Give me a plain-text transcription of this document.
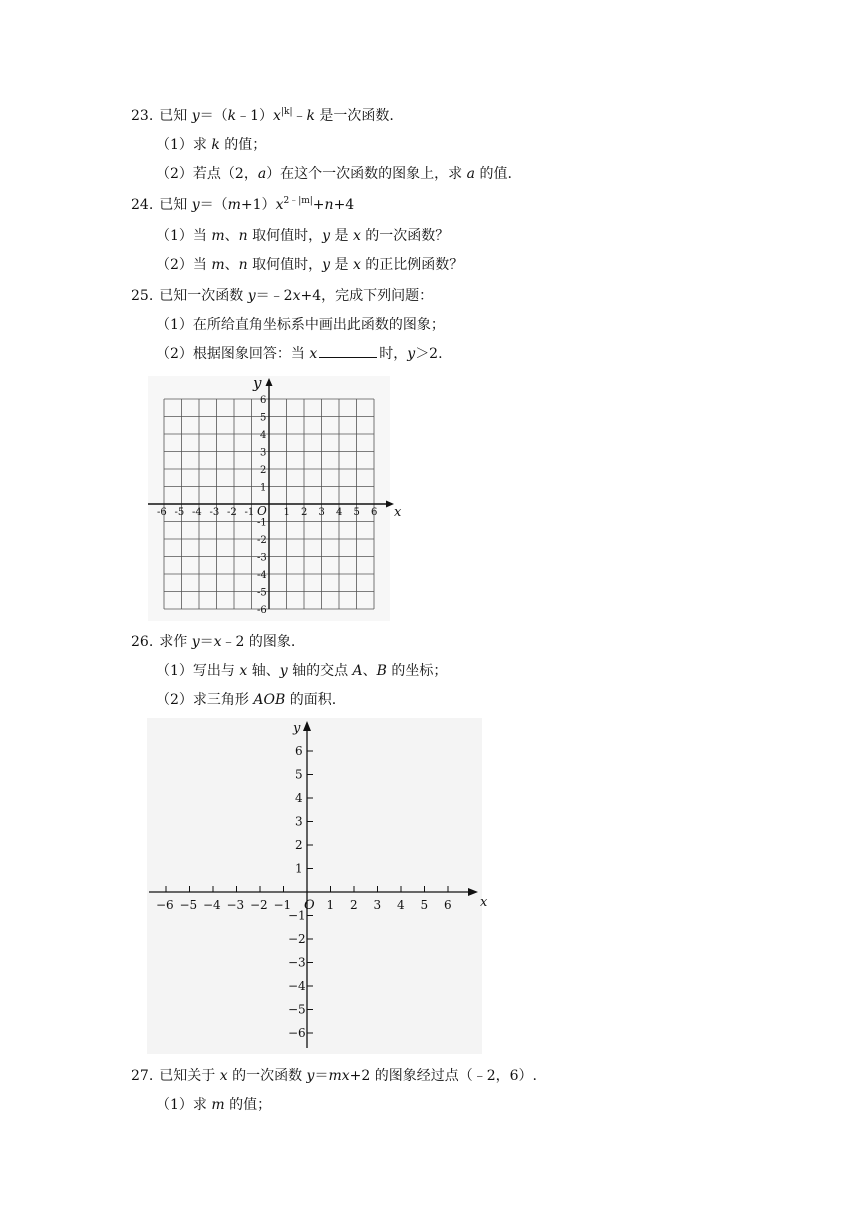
23. 已知 $y=(k﹣1)x^{|k|}﹣k$ 是一次函数.
（1）求 k 的值；
（2）若点（2，a）在这个一次函数的图象上，求 a 的值.
24. 已知 $y=(m+1)x^{2﹣|m|}+n+4$
（1）当 m、n 取何值时，y 是 x 的一次函数？
（2）当 m、n 取何值时，y 是 x 的正比例函数？
25. 已知一次函数 y＝﹣2x+4，完成下列问题：
（1）在所给直角坐标系中画出此函数的图象；
（2）根据图象回答：当 x	时，y＞2.
x
y
O
-6 -5 -4 -3 -2 -1	1 2 3 4 5 6
6
5
4
3
2
1
-1
-2
-3
-4
-5
-6
26. 求作 y＝x﹣2 的图象.
（1）写出与 x 轴、y 轴的交点 A、B 的坐标；
（2）求三角形 AOB 的面积.
x
y
O
−6 −5 −4 −3 −2 −1	1 2 3 4 5 6
6
5
4
3
2
1
−1
−2
−3
−4
−5
−6
27. 已知关于 x 的一次函数 y＝mx+2 的图象经过点（﹣2，6）.
（1）求 m 的值；
